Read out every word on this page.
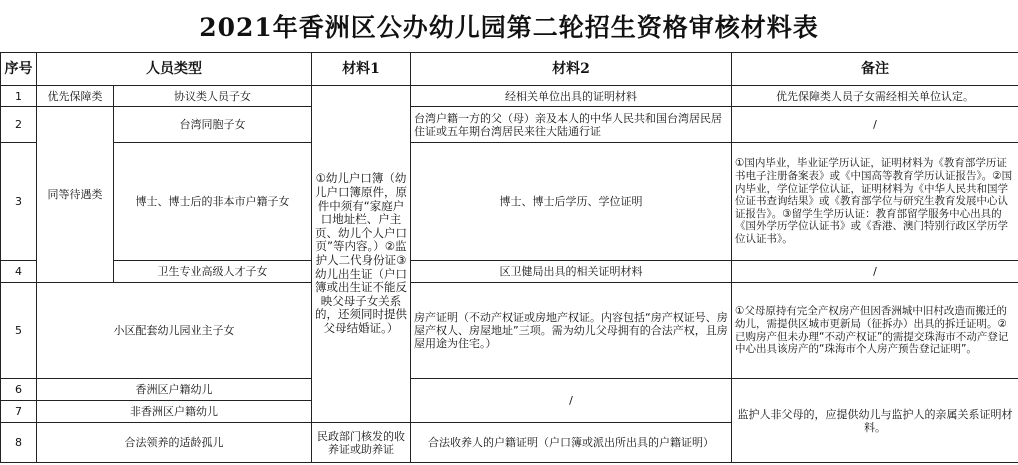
2021年香洲区公办幼儿园第二轮招生资格审核材料表
序号	人员类型		材料1	材料2	备注
1	优先保障类	协议类人员子女	①幼儿户口簿（幼儿户口簿原件，原件中须有“家庭户口地址栏、户主页、幼儿个人户口页”等内容。）②监护人二代身份证③幼儿出生证（户口簿或出生证不能反映父母子女关系的，还须同时提供父母结婚证。）	经相关单位出具的证明材料	优先保障类人员子女需经相关单位认定。
2	同等待遇类	台湾同胞子女		台湾户籍一方的父（母）亲及本人的中华人民共和国台湾居民居住证或五年期台湾居民来往大陆通行证	/
3		博士、博士后的非本市户籍子女		博士、博士后学历、学位证明	①国内毕业，毕业证学历认证，证明材料为《教育部学历证书电子注册备案表》或《中国高等教育学历认证报告》。②国内毕业，学位证学位认证，证明材料为《中华人民共和国学位证书查询结果》或《教育部学位与研究生教育发展中心认证报告》。③留学生学历认证：教育部留学服务中心出具的《国外学历学位认证书》或《香港、澳门特别行政区学历学位认证书》。
4		卫生专业高级人才子女		区卫健局出具的相关证明材料	/
5	小区配套幼儿园业主子女			房产证明（不动产权证或房地产权证。内容包括“房产权证号、房屋产权人、房屋地址”三项。需为幼儿父母拥有的合法产权，且房屋用途为住宅。）	①父母原持有完全产权房产但因香洲城中旧村改造而搬迁的幼儿，需提供区城市更新局（征拆办）出具的拆迁证明。②已购房产但未办理“不动产权证”的需提交珠海市不动产登记中心出具该房产的“珠海市个人房产预告登记证明”。
6	香洲区户籍幼儿			/	监护人非父母的，应提供幼儿与监护人的亲属关系证明材料。
7	非香洲区户籍幼儿				
8	合法领养的适龄孤儿		民政部门核发的收养证或助养证	合法收养人的户籍证明（户口簿或派出所出具的户籍证明）	
